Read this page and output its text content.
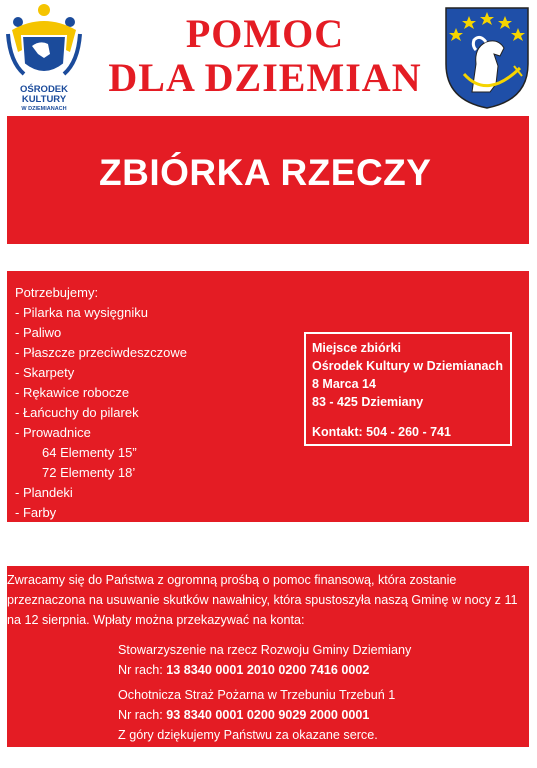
OŚRODEK
KULTURY
W DZIEMIANACH
POMOC
DLA DZIEMIAN
ZBIÓRKA RZECZY
Potrzebujemy:
- Pilarka na wysięgniku
- Paliwo
- Płaszcze przeciwdeszczowe
- Skarpety
- Rękawice robocze
- Łańcuchy do pilarek
- Prowadnice
64 Elementy 15”
72 Elementy 18’
- Plandeki
- Farby
Miejsce zbiórki
Ośrodek Kultury w Dziemianach
8 Marca 14
83 - 425 Dziemiany
Kontakt: 504 - 260 - 741
Zwracamy się do Państwa z ogromną prośbą o pomoc finansową, która zostanie
przeznaczona na usuwanie skutków nawałnicy, która spustoszyła naszą Gminę w nocy z 11
na 12 sierpnia. Wpłaty można przekazywać na konta:
Stowarzyszenie na rzecz Rozwoju Gminy Dziemiany
Nr rach: 13 8340 0001 2010 0200 7416 0002
Ochotnicza Straż Pożarna w Trzebuniu Trzebuń 1
Nr rach: 93 8340 0001 0200 9029 2000 0001
Z góry dziękujemy Państwu za okazane serce.
